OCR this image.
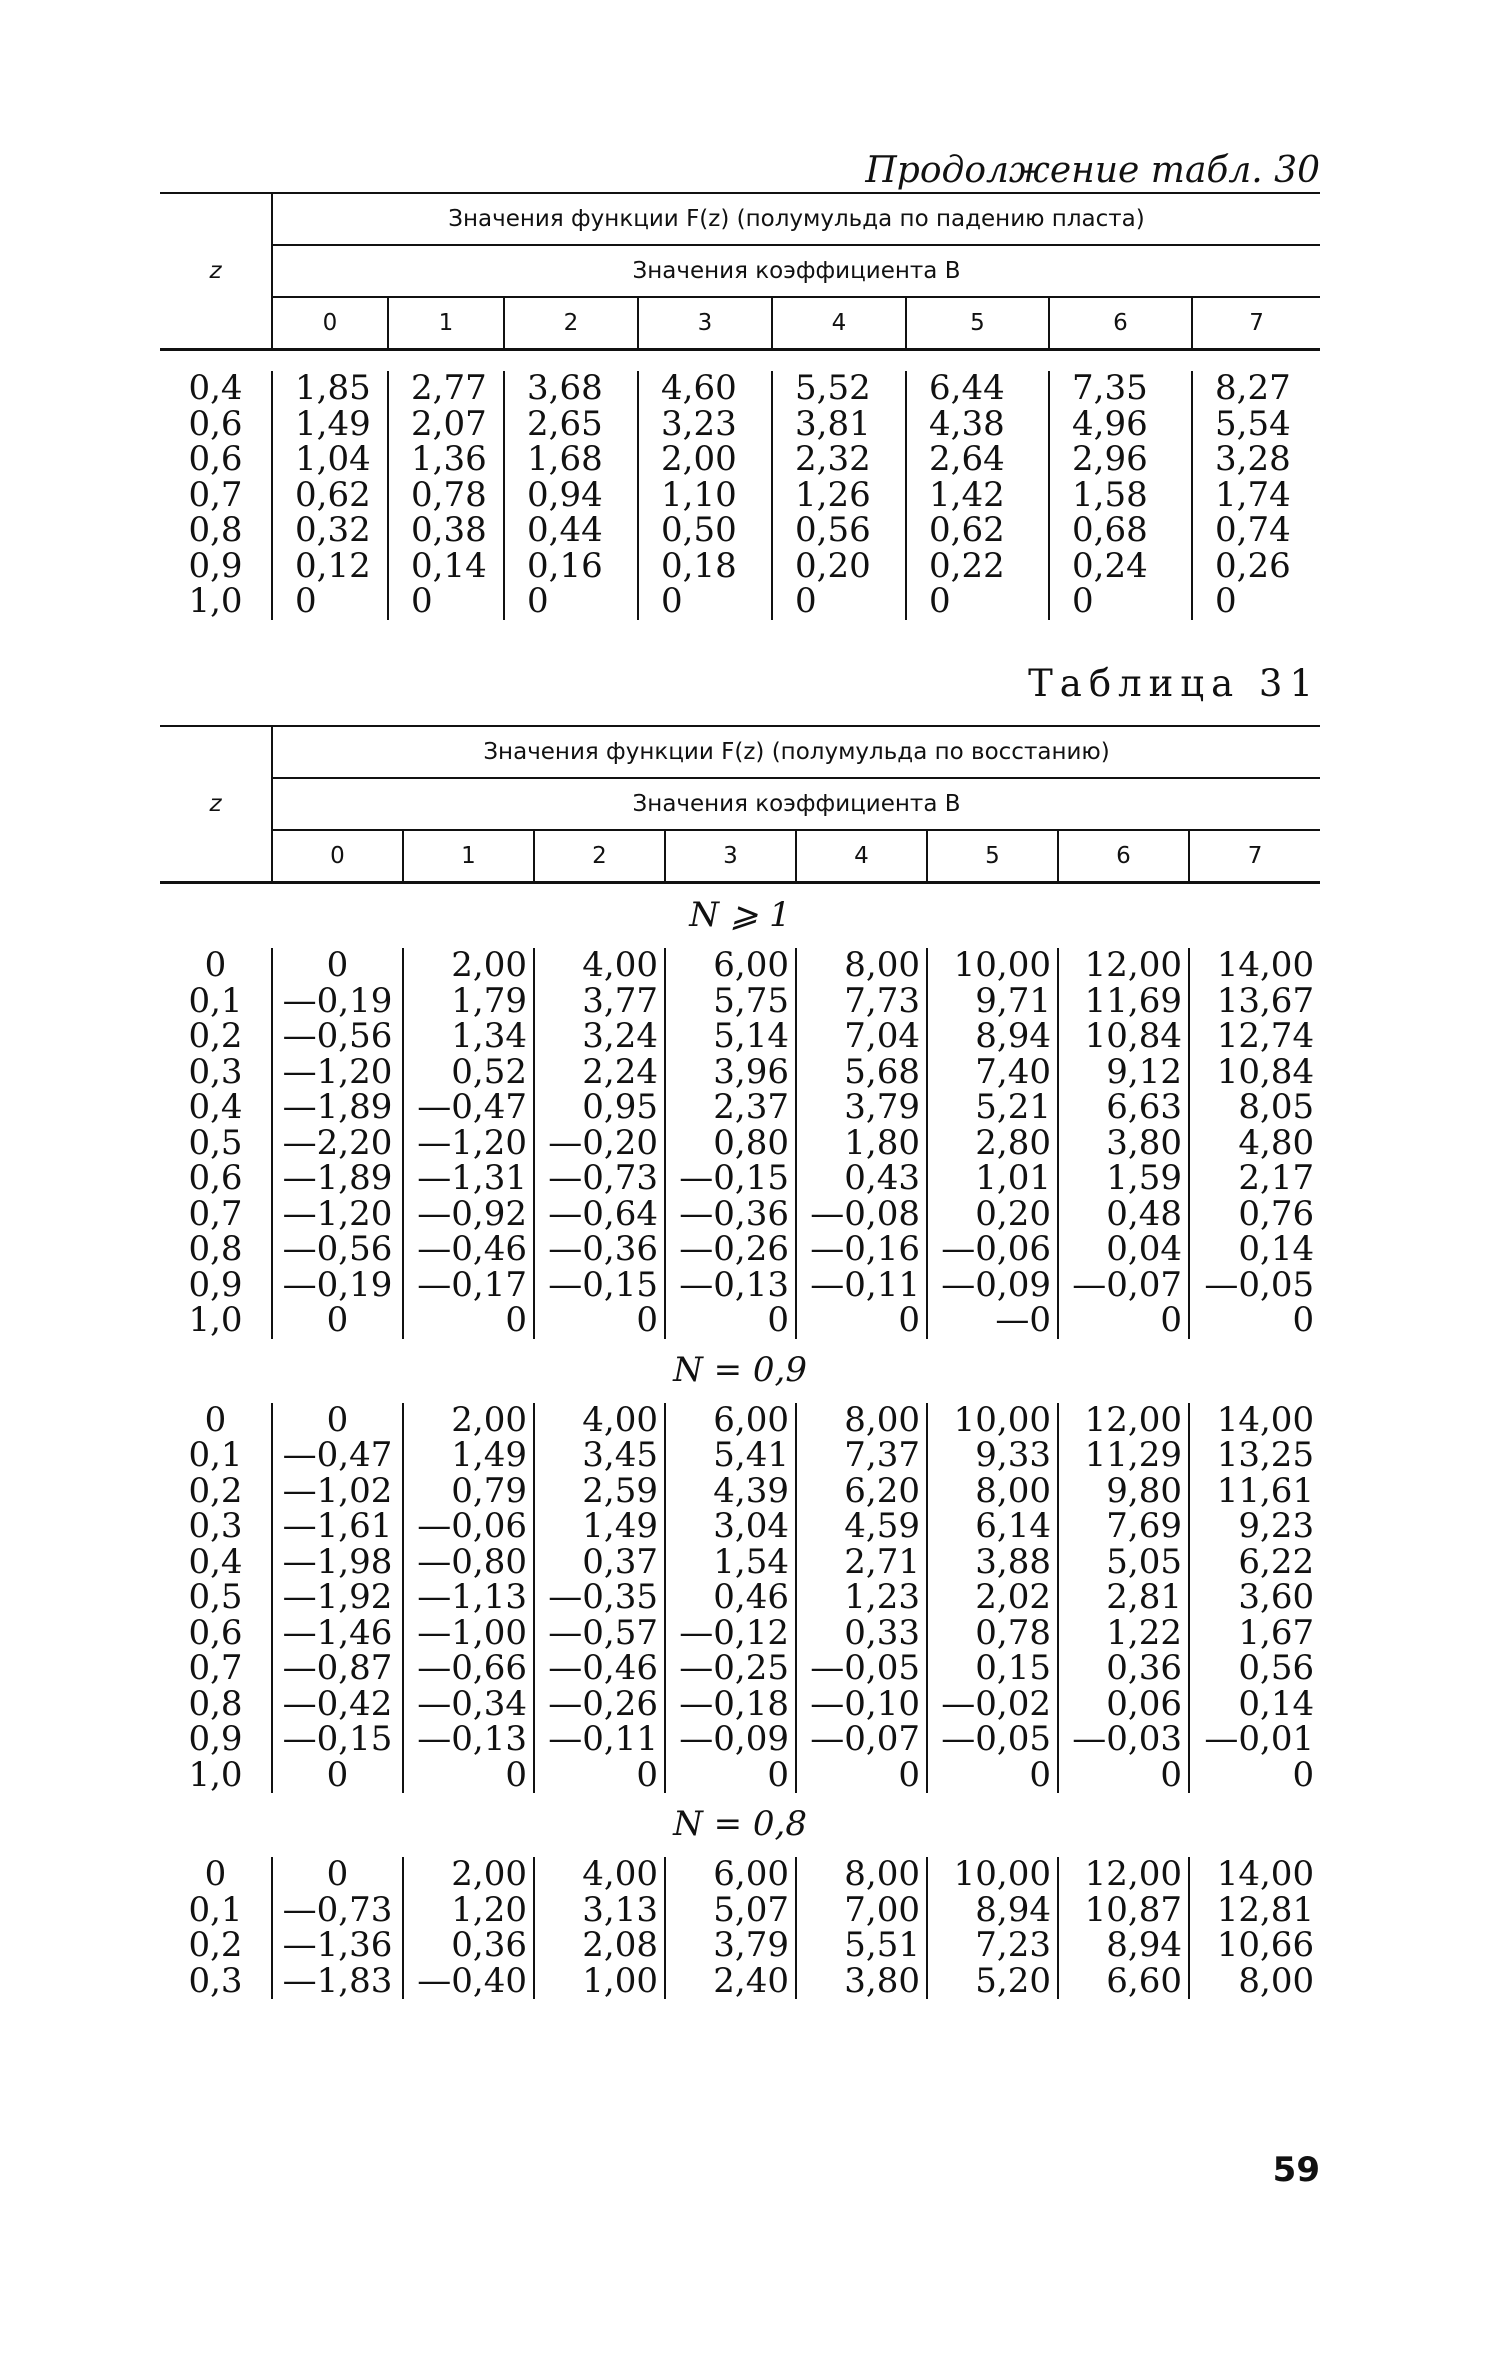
Продолжение табл. 30
z	Значения функции F(z) (полумульда по падению пласта)							
	Значения коэффициента B							
	0	1	2	3	4	5	6	7

0,4	1,85	2,77	3,68	4,60	5,52	6,44	7,35	8,27
0,6	1,49	2,07	2,65	3,23	3,81	4,38	4,96	5,54
0,6	1,04	1,36	1,68	2,00	2,32	2,64	2,96	3,28
0,7	0,62	0,78	0,94	1,10	1,26	1,42	1,58	1,74
0,8	0,32	0,38	0,44	0,50	0,56	0,62	0,68	0,74
0,9	0,12	0,14	0,16	0,18	0,20	0,22	0,24	0,26
1,0	0	0	0	0	0	0	0	0
Таблица 31
z	Значения функции F(z) (полумульда по восстанию)							
	Значения коэффициента B							
	0	1	2	3	4	5	6	7

N ⩾ 1								
0	0	2,00	4,00	6,00	8,00	10,00	12,00	14,00
0,1	—0,19	1,79	3,77	5,75	7,73	9,71	11,69	13,67
0,2	—0,56	1,34	3,24	5,14	7,04	8,94	10,84	12,74
0,3	—1,20	0,52	2,24	3,96	5,68	7,40	9,12	10,84
0,4	—1,89	—0,47	0,95	2,37	3,79	5,21	6,63	8,05
0,5	—2,20	—1,20	—0,20	0,80	1,80	2,80	3,80	4,80
0,6	—1,89	—1,31	—0,73	—0,15	0,43	1,01	1,59	2,17
0,7	—1,20	—0,92	—0,64	—0,36	—0,08	0,20	0,48	0,76
0,8	—0,56	—0,46	—0,36	—0,26	—0,16	—0,06	0,04	0,14
0,9	—0,19	—0,17	—0,15	—0,13	—0,11	—0,09	—0,07	—0,05
1,0	0	0	0	0	0	—0	0	0
N = 0,9								
0	0	2,00	4,00	6,00	8,00	10,00	12,00	14,00
0,1	—0,47	1,49	3,45	5,41	7,37	9,33	11,29	13,25
0,2	—1,02	0,79	2,59	4,39	6,20	8,00	9,80	11,61
0,3	—1,61	—0,06	1,49	3,04	4,59	6,14	7,69	9,23
0,4	—1,98	—0,80	0,37	1,54	2,71	3,88	5,05	6,22
0,5	—1,92	—1,13	—0,35	0,46	1,23	2,02	2,81	3,60
0,6	—1,46	—1,00	—0,57	—0,12	0,33	0,78	1,22	1,67
0,7	—0,87	—0,66	—0,46	—0,25	—0,05	0,15	0,36	0,56
0,8	—0,42	—0,34	—0,26	—0,18	—0,10	—0,02	0,06	0,14
0,9	—0,15	—0,13	—0,11	—0,09	—0,07	—0,05	—0,03	—0,01
1,0	0	0	0	0	0	0	0	0
N = 0,8								
0	0	2,00	4,00	6,00	8,00	10,00	12,00	14,00
0,1	—0,73	1,20	3,13	5,07	7,00	8,94	10,87	12,81
0,2	—1,36	0,36	2,08	3,79	5,51	7,23	8,94	10,66
0,3	—1,83	—0,40	1,00	2,40	3,80	5,20	6,60	8,00
59
